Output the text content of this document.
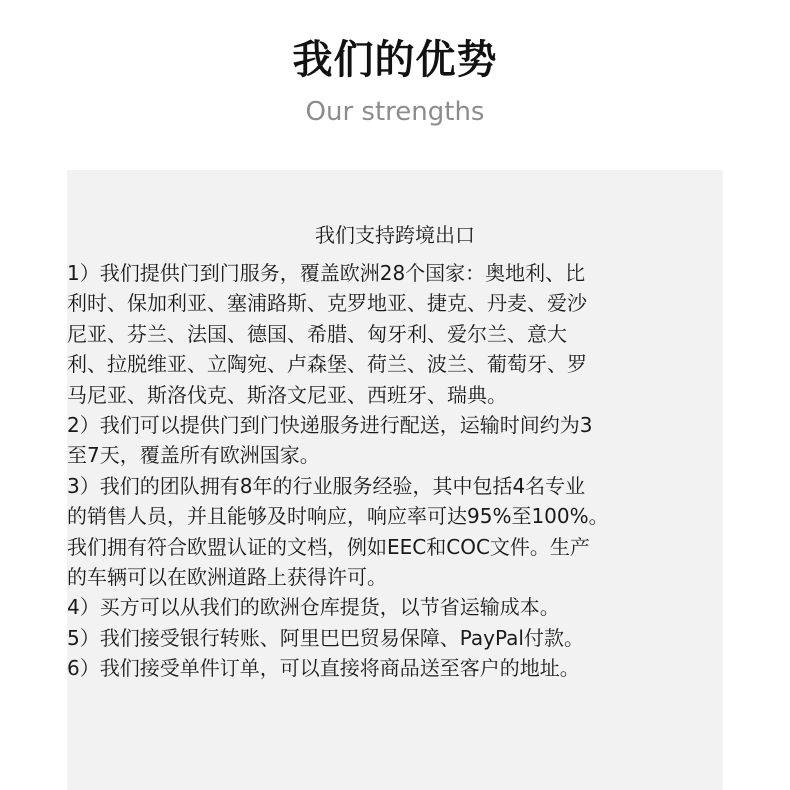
我们的优势
Our strengths
我们支持跨境出口
1）我们提供门到门服务，覆盖欧洲28个国家：奥地利、比
利时、保加利亚、塞浦路斯、克罗地亚、捷克、丹麦、爱沙
尼亚、芬兰、法国、德国、希腊、匈牙利、爱尔兰、意大
利、拉脱维亚、立陶宛、卢森堡、荷兰、波兰、葡萄牙、罗
马尼亚、斯洛伐克、斯洛文尼亚、西班牙、瑞典。
2）我们可以提供门到门快递服务进行配送，运输时间约为3
至7天，覆盖所有欧洲国家。
3）我们的团队拥有8年的行业服务经验，其中包括4名专业
的销售人员，并且能够及时响应，响应率可达95%至100%。
我们拥有符合欧盟认证的文档，例如EEC和COC文件。生产
的车辆可以在欧洲道路上获得许可。
4）买方可以从我们的欧洲仓库提货，以节省运输成本。
5）我们接受银行转账、阿里巴巴贸易保障、PayPal付款。
6）我们接受单件订单，可以直接将商品送至客户的地址。
